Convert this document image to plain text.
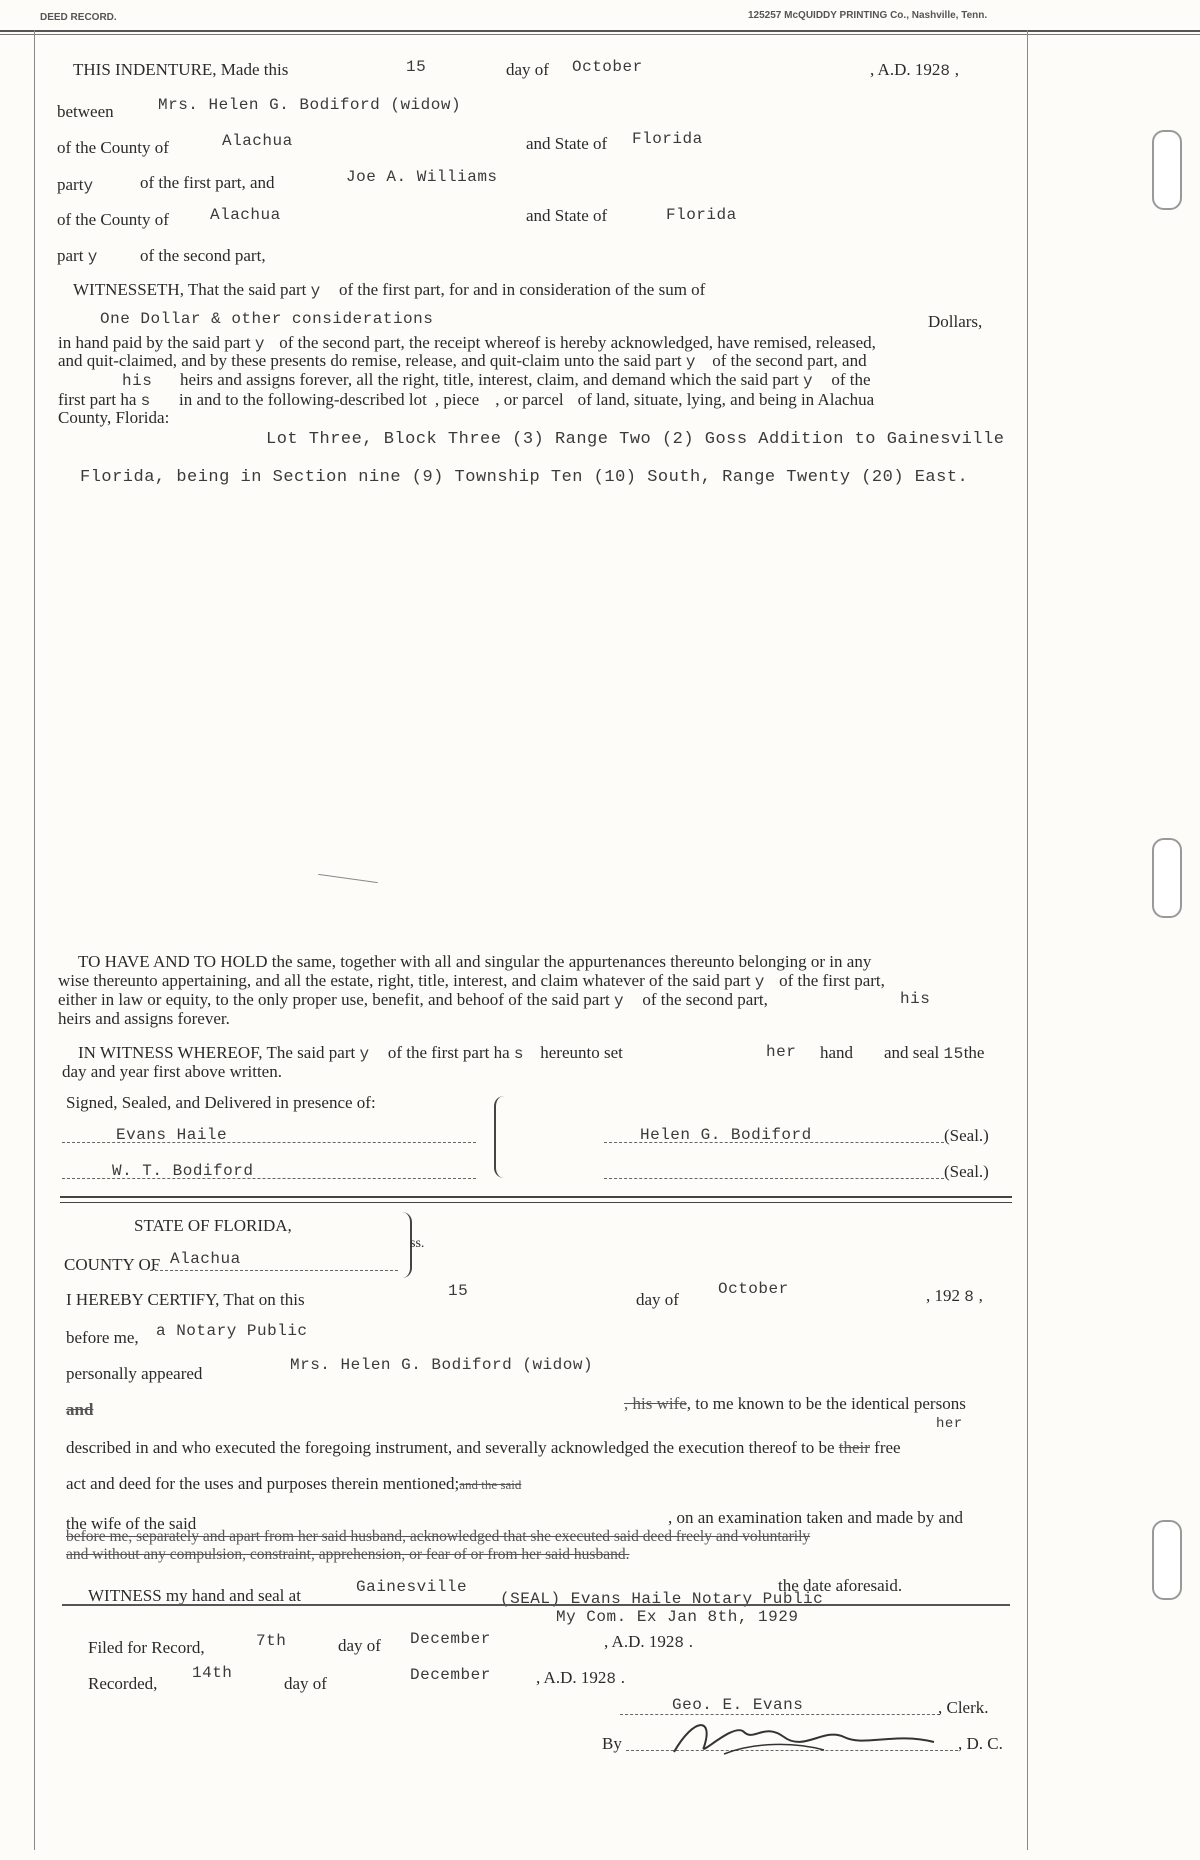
DEED RECORD.	125257 McQUIDDY PRINTING Co., Nashville, Tenn.
THIS INDENTURE, Made this	15	day of October	, A.D. 1928 ,
between	Mrs. Helen G. Bodiford (widow)
of the County of	Alachua	and State of Florida
party	of the first part, and	Joe A. Williams
of the County of	Alachua	and State of	Florida
part y of the second part,
WITNESSETH, That the said part y of the first part, for and in consideration of the sum of
One Dollar & other considerations	Dollars,
in hand paid by the said part y of the second part, the receipt whereof is hereby acknowledged, have remised, released,
and quit-claimed, and by these presents do remise, release, and quit-claim unto the said part y of the second part, and
his heirs and assigns forever, all the right, title, interest, claim, and demand which the said part y of the
first part ha s in and to the following-described lot , piece , or parcel of land, situate, lying, and being in Alachua
County, Florida:
Lot Three, Block Three (3) Range Two (2) Goss Addition to Gainesville
Florida, being in Section nine (9) Township Ten (10) South, Range Twenty (20) East.
TO HAVE AND TO HOLD the same, together with all and singular the appurtenances thereunto belonging or in any
wise thereunto appertaining, and all the estate, right, title, interest, and claim whatever of the said part y of the first part,
either in law or equity, to the only proper use, benefit, and behoof of the said part y of the second part,	his
heirs and assigns forever.
IN WITNESS WHEREOF, The said part y of the first part ha s hereunto set	her hand and seal 15the
day and year first above written.
Signed, Sealed, and Delivered in presence of:
Evans Haile
W. T. Bodiford
Helen G. Bodiford	(Seal.)
(Seal.)
STATE OF FLORIDA,
ss.
COUNTY OF Alachua
I HEREBY CERTIFY, That on this	15	day of
October	, 192 8 ,
before me, a Notary Public
personally appeared	Mrs. Helen G. Bodiford (widow)
and	, his wife, to me known to be the identical persons
her
described in and who executed the foregoing instrument, and severally acknowledged the execution thereof to be their free
act and deed for the uses and purposes therein mentioned;and the said
the wife of the said	, on an examination taken and made by and
before me, separately and apart from her said husband, acknowledged that she executed said deed freely and voluntarily
and without any compulsion, constraint, apprehension, or fear of or from her said husband.
WITNESS my hand and seal at	Gainesville
(SEAL) Evans Haile Notary Public
the date aforesaid.
My Com. Ex Jan 8th, 1929
Filed for Record,	7th	day of December	, A.D. 1928 .
Recorded,
14th
day of	December	, A.D. 1928 .
Geo. E. Evans	, Clerk.
By	, D. C.
